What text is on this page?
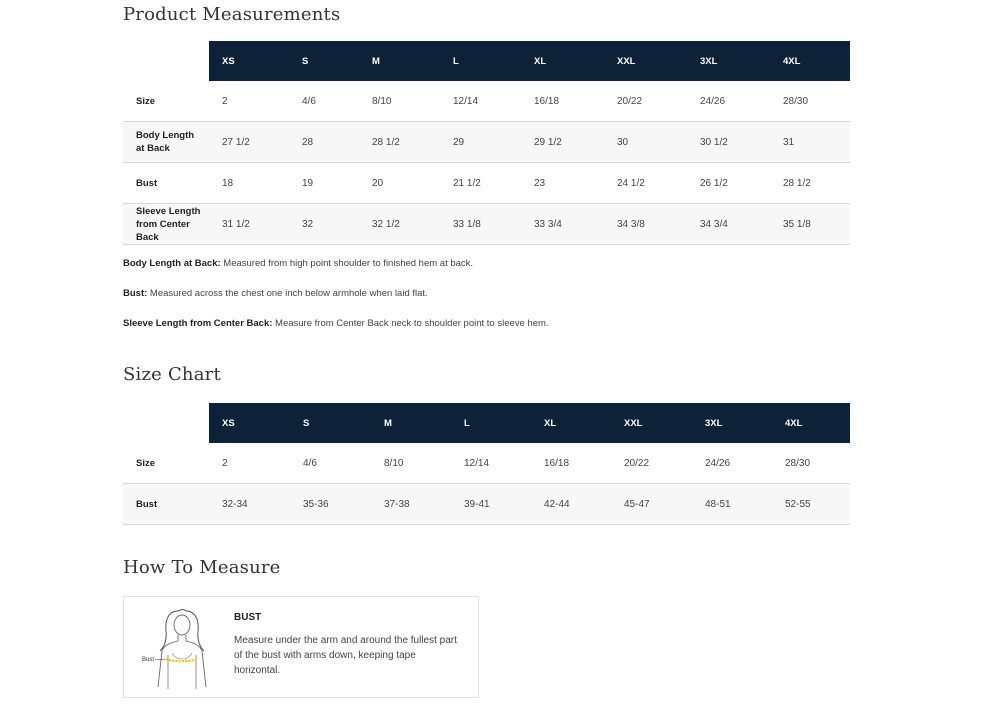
Product Measurements
	XS	S	M	L	XL	XXL	3XL	4XL
Size	2	4/6	8/10	12/14	16/18	20/22	24/26	28/30
Body Length at Back	27 1/2	28	28 1/2	29	29 1/2	30	30 1/2	31
Bust	18	19	20	21 1/2	23	24 1/2	26 1/2	28 1/2
Sleeve Length from Center Back	31 1/2	32	32 1/2	33 1/8	33 3/4	34 3/8	34 3/4	35 1/8

Body Length at Back: Measured from high point shoulder to finished hem at back.

Bust: Measured across the chest one inch below armhole when laid flat.

Sleeve Length from Center Back: Measure from Center Back neck to shoulder point to sleeve hem.

Size Chart
	XS	S	M	L	XL	XXL	3XL	4XL
Size	2	4/6	8/10	12/14	16/18	20/22	24/26	28/30
Bust	32-34	35-36	37-38	39-41	42-44	45-47	48-51	52-55
How To Measure
Bust
BUST
Measure under the arm and around the fullest part of the bust with arms down, keeping tape horizontal.
